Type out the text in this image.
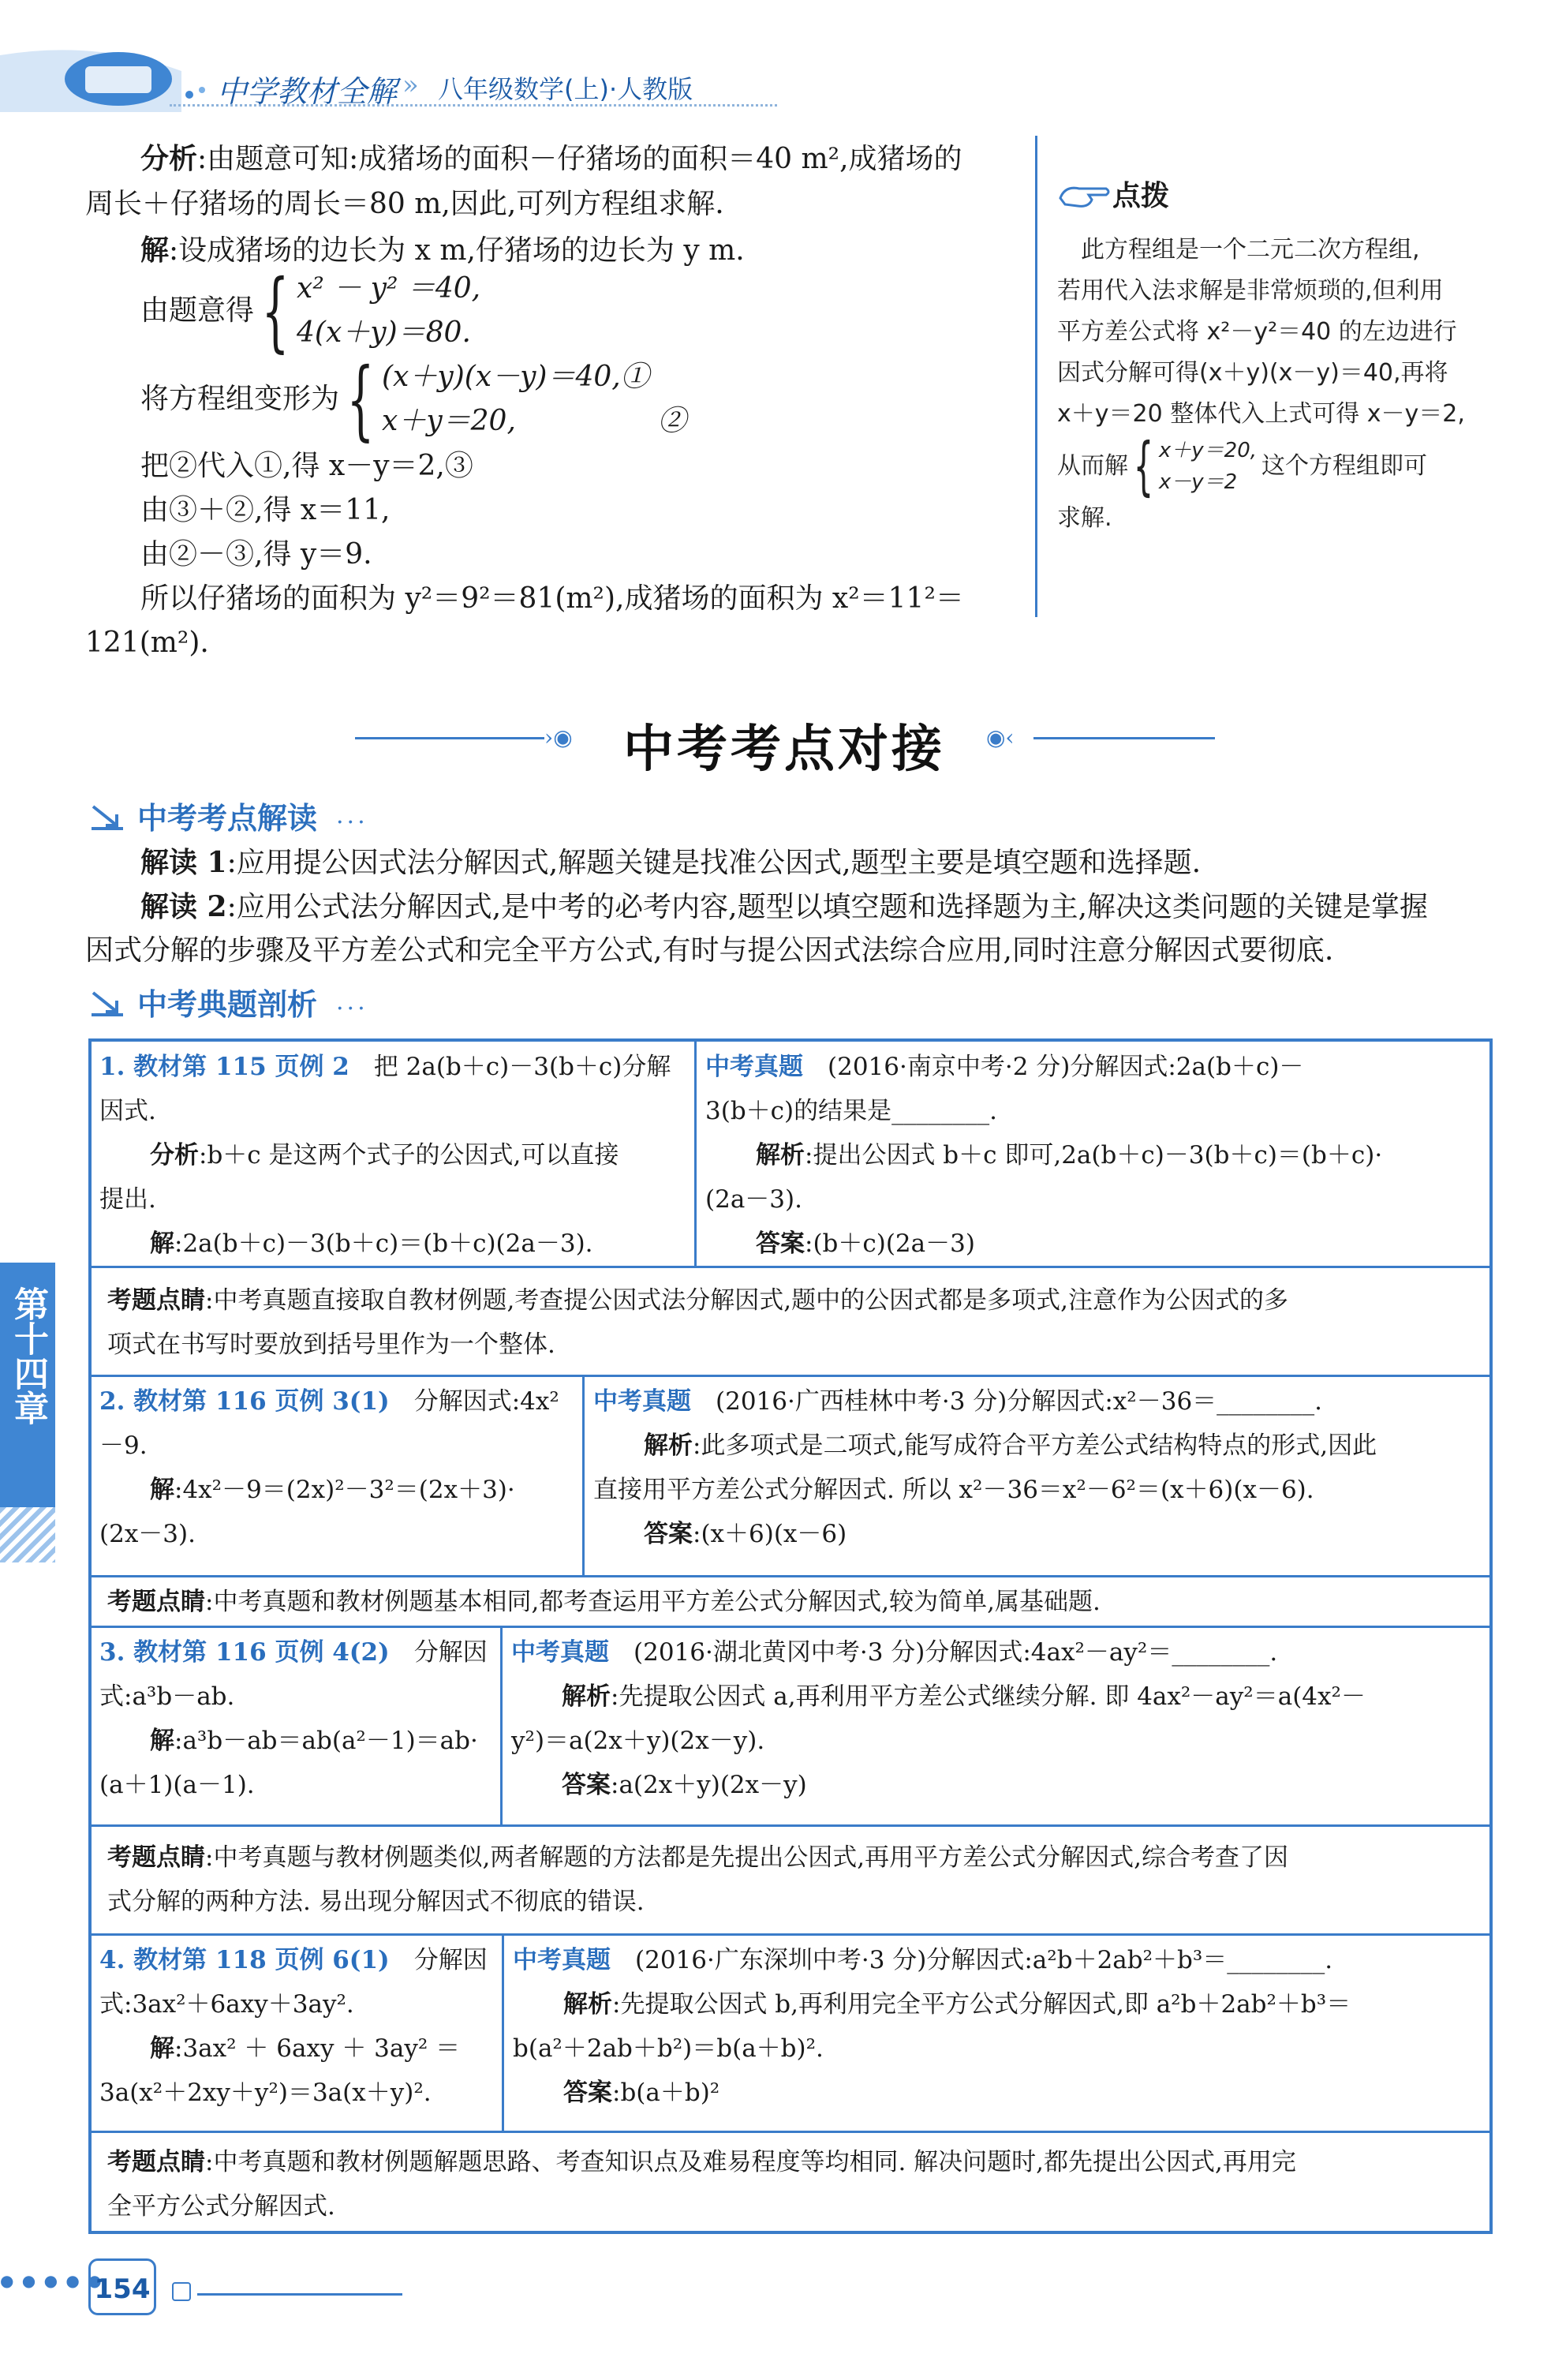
中学教材全解 » 八年级数学(上)·人教版
分析:由题意可知:成猪场的面积－仔猪场的面积＝40 m²,成猪场的
周长＋仔猪场的周长＝80 m,因此,可列方程组求解.
解:设成猪场的边长为 x m,仔猪场的边长为 y m.
由题意得 { x² － y² ＝40,
4(x＋y)＝80.
将方程组变形为 { (x＋y)(x－y)＝40,①
x＋y＝20,　　　　　②
把②代入①,得 x－y＝2,③
由③＋②,得 x＝11,
由②－③,得 y＝9.
所以仔猪场的面积为 y²＝9²＝81(m²),成猪场的面积为 x²＝11²＝
121(m²).
点拨
　此方程组是一个二元二次方程组,
若用代入法求解是非常烦琐的,但利用
平方差公式将 x²－y²＝40 的左边进行
因式分解可得(x＋y)(x－y)＝40,再将
x＋y＝20 整体代入上式可得 x－y＝2,
从而解 { x＋y＝20,
x－y＝2
这个方程组即可
求解.
›◉ 中考考点对接 ◉‹
中考考点解读 ...
解读 1:应用提公因式法分解因式,解题关键是找准公因式,题型主要是填空题和选择题.
解读 2:应用公式法分解因式,是中考的必考内容,题型以填空题和选择题为主,解决这类问题的关键是掌握
因式分解的步骤及平方差公式和完全平方公式,有时与提公因式法综合应用,同时注意分解因式要彻底.
中考典题剖析 ...
1. 教材第 115 页例 2　把 2a(b＋c)－3(b＋c)分解
因式.
分析:b＋c 是这两个式子的公因式,可以直接
提出.
解:2a(b＋c)－3(b＋c)＝(b＋c)(2a－3).
中考真题　(2016·南京中考·2 分)分解因式:2a(b＋c)－
3(b＋c)的结果是________.
解析:提出公因式 b＋c 即可,2a(b＋c)－3(b＋c)＝(b＋c)·
(2a－3).
答案:(b＋c)(2a－3)
考题点睛:中考真题直接取自教材例题,考查提公因式法分解因式,题中的公因式都是多项式,注意作为公因式的多
项式在书写时要放到括号里作为一个整体.
2. 教材第 116 页例 3(1)　分解因式:4x²
－9.
解:4x²－9＝(2x)²－3²＝(2x＋3)·
(2x－3).
中考真题　(2016·广西桂林中考·3 分)分解因式:x²－36＝________.
解析:此多项式是二项式,能写成符合平方差公式结构特点的形式,因此
直接用平方差公式分解因式. 所以 x²－36＝x²－6²＝(x＋6)(x－6).
答案:(x＋6)(x－6)
考题点睛:中考真题和教材例题基本相同,都考查运用平方差公式分解因式,较为简单,属基础题.
3. 教材第 116 页例 4(2)　分解因
式:a³b－ab.
解:a³b－ab＝ab(a²－1)＝ab·
(a＋1)(a－1).
中考真题　(2016·湖北黄冈中考·3 分)分解因式:4ax²－ay²＝________.
解析:先提取公因式 a,再利用平方差公式继续分解. 即 4ax²－ay²＝a(4x²－
y²)＝a(2x＋y)(2x－y).
答案:a(2x＋y)(2x－y)
考题点睛:中考真题与教材例题类似,两者解题的方法都是先提出公因式,再用平方差公式分解因式,综合考查了因
式分解的两种方法. 易出现分解因式不彻底的错误.
4. 教材第 118 页例 6(1)　分解因
式:3ax²＋6axy＋3ay².
解:3ax² ＋ 6axy ＋ 3ay² ＝
3a(x²＋2xy＋y²)＝3a(x＋y)².
中考真题　(2016·广东深圳中考·3 分)分解因式:a²b＋2ab²＋b³＝________.
解析:先提取公因式 b,再利用完全平方公式分解因式,即 a²b＋2ab²＋b³＝
b(a²＋2ab＋b²)＝b(a＋b)².
答案:b(a＋b)²
考题点睛:中考真题和教材例题解题思路、考查知识点及难易程度等均相同. 解决问题时,都先提出公因式,再用完
全平方公式分解因式.
第十四章
● ● ● ● ●
154
